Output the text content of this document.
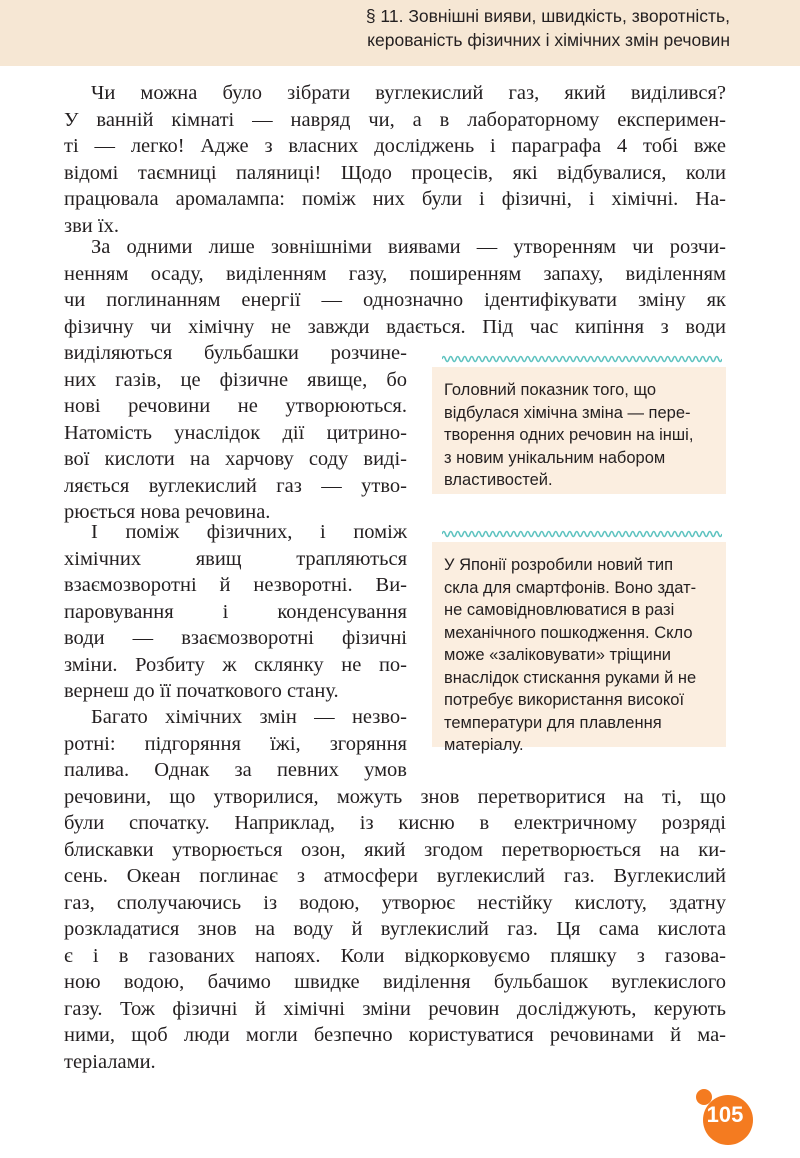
§ 11. Зовнішні вияви, швидкість, зворотність,
керованість фізичних і хімічних змін речовин

Чи можна було зібрати вуглекислий газ, який виділився?
У ванній кімнаті — навряд чи, а в лабораторному експеримен-
ті — легко! Адже з власних досліджень і параграфа 4 тобі вже
відомі таємниці паляниці! Щодо процесів, які відбувалися, коли
працювала аромалампа: поміж них були і фізичні, і хімічні. На-
зви їх.

За одними лише зовнішніми виявами — утворенням чи розчи-
ненням осаду, виділенням газу, поширенням запаху, виділенням
чи поглинанням енергії — однозначно ідентифікувати зміну як
фізичну чи хімічну не завжди вдається. Під час кипіння з води
виділяються бульбашки розчине-
них газів, це фізичне явище, бо
нові речовини не утворюються.
Натомість унаслідок дії цитрино-
вої кислоти на харчову соду виді-
ляється вуглекислий газ — утво-
рюється нова речовина.

І поміж фізичних, і поміж
хімічних явищ трапляються
взаємозворотні й незворотні. Ви-
паровування і конденсування
води — взаємозворотні фізичні
зміни. Розбиту ж склянку не по-
вернеш до її початкового стану.

Багато хімічних змін — незво-
ротні: підгоряння їжі, згоряння
палива. Однак за певних умов
речовини, що утворилися, можуть знов перетворитися на ті, що
були спочатку. Наприклад, із кисню в електричному розряді
блискавки утворюється озон, який згодом перетворюється на ки-
сень. Океан поглинає з атмосфери вуглекислий газ. Вуглекислий
газ, сполучаючись із водою, утворює нестійку кислоту, здатну
розкладатися знов на воду й вуглекислий газ. Ця сама кислота
є і в газованих напоях. Коли відкорковуємо пляшку з газова-
ною водою, бачимо швидке виділення бульбашок вуглекислого
газу. Тож фізичні й хімічні зміни речовин досліджують, керують
ними, щоб люди могли безпечно користуватися речовинами й ма-
теріалами.

Головний показник того, що
відбулася хімічна зміна — пере-
творення одних речовин на інші,
з новим унікальним набором
властивостей.

У Японії розробили новий тип
скла для смартфонів. Воно здат-
не самовідновлюватися в разі
механічного пошкодження. Скло
може «заліковувати» тріщини
внаслідок стискання руками й не
потребує використання високої
температури для плавлення
матеріалу.

105
